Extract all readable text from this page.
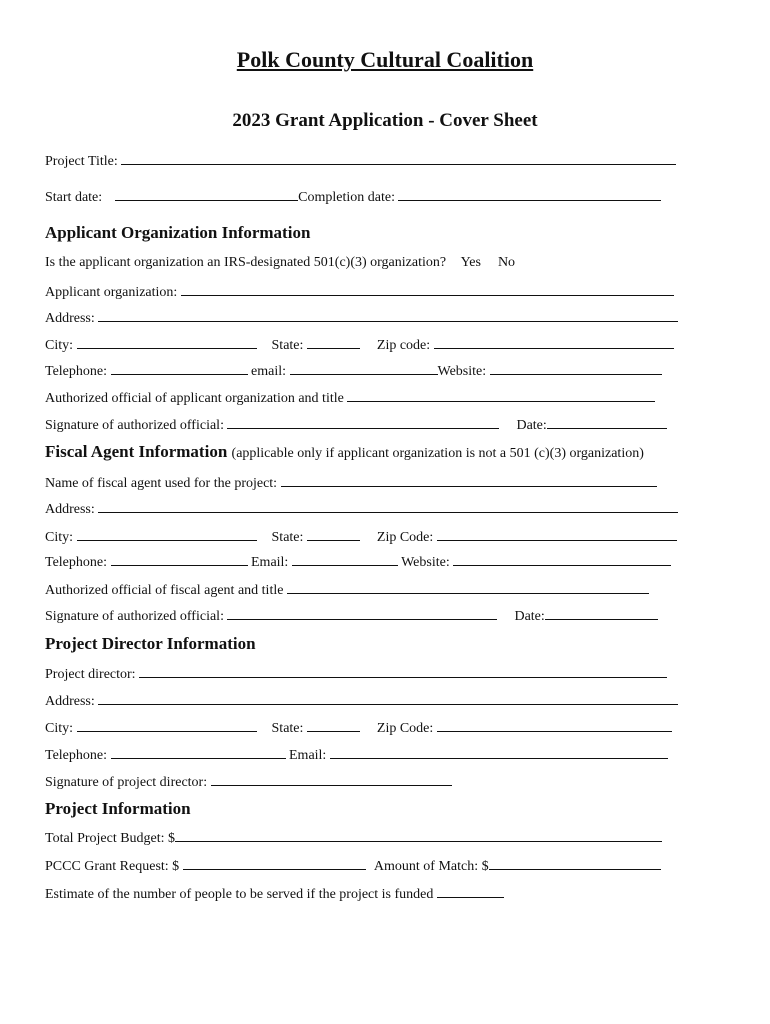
Polk County Cultural Coalition
2023 Grant Application - Cover Sheet
Project Title:
Start date:	Completion date:
Applicant Organization Information
Is the applicant organization an IRS-designated 501(c)(3) organization? Yes No
Applicant organization:
Address:
City:	State:	Zip code:
Telephone:	email:	Website:
Authorized official of applicant organization and title
Signature of authorized official:	Date:
Fiscal Agent Information (applicable only if applicant organization is not a 501 (c)(3) organization)
Name of fiscal agent used for the project:
Address:
City:	State:	Zip Code:
Telephone:	Email:	Website:
Authorized official of fiscal agent and title
Signature of authorized official:	Date:
Project Director Information
Project director:
Address:
City:	State:	Zip Code:
Telephone:	Email:
Signature of project director:
Project Information
Total Project Budget: $
PCCC Grant Request: $	Amount of Match: $
Estimate of the number of people to be served if the project is funded
